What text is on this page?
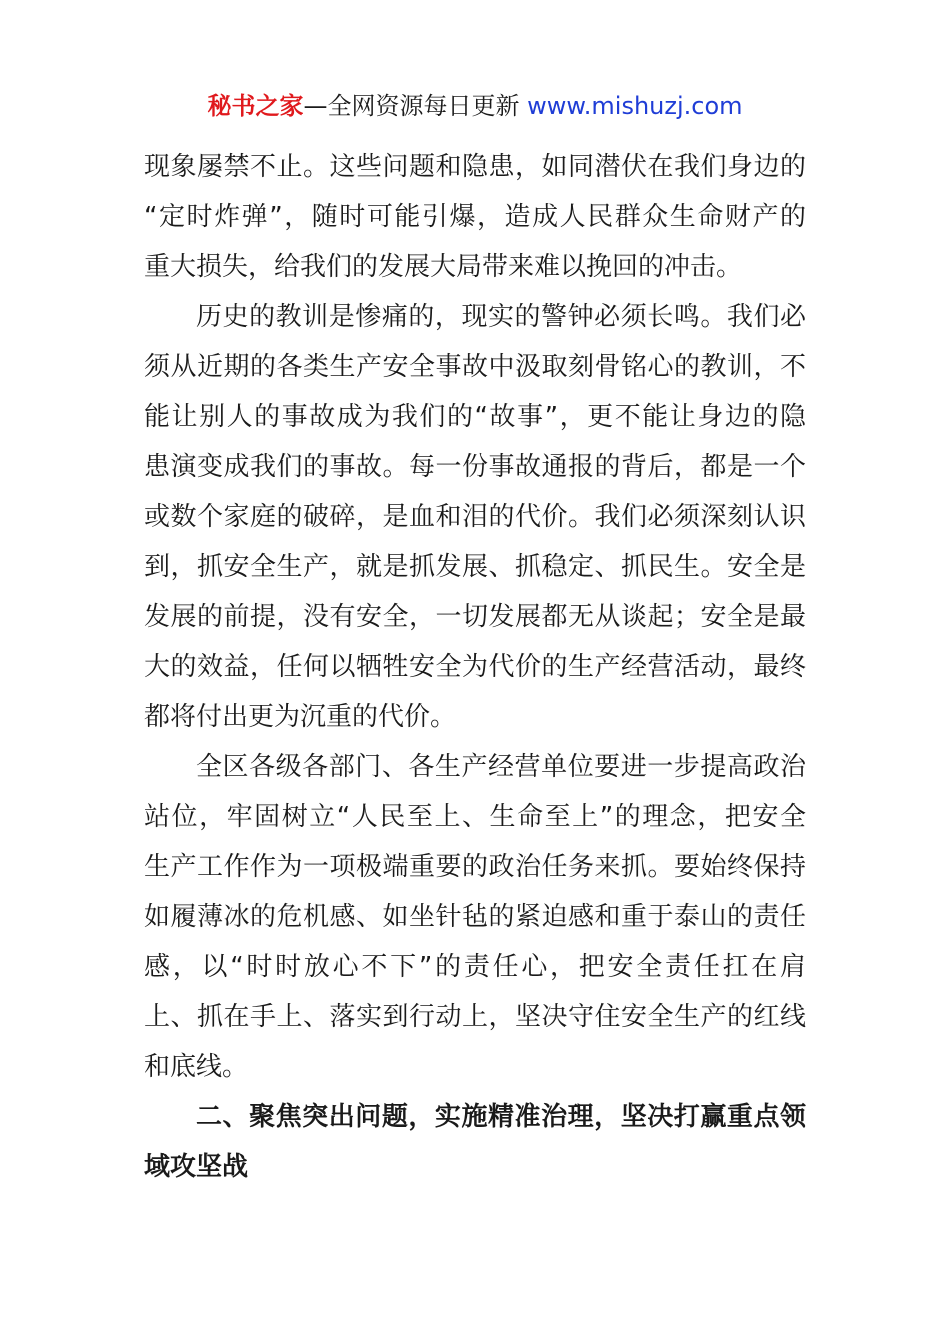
秘书之家—全网资源每日更新 www.mishuzj.com
现象屡禁不止。这些问题和隐患，如同潜伏在我们身边的
“定时炸弹”，随时可能引爆，造成人民群众生命财产的
重大损失，给我们的发展大局带来难以挽回的冲击。
历史的教训是惨痛的，现实的警钟必须长鸣。我们必
须从近期的各类生产安全事故中汲取刻骨铭心的教训，不
能让别人的事故成为我们的“故事”，更不能让身边的隐
患演变成我们的事故。每一份事故通报的背后，都是一个
或数个家庭的破碎，是血和泪的代价。我们必须深刻认识
到，抓安全生产，就是抓发展、抓稳定、抓民生。安全是
发展的前提，没有安全，一切发展都无从谈起；安全是最
大的效益，任何以牺牲安全为代价的生产经营活动，最终
都将付出更为沉重的代价。
全区各级各部门、各生产经营单位要进一步提高政治
站位，牢固树立“人民至上、生命至上”的理念，把安全
生产工作作为一项极端重要的政治任务来抓。要始终保持
如履薄冰的危机感、如坐针毡的紧迫感和重于泰山的责任
感，以“时时放心不下”的责任心，把安全责任扛在肩
上、抓在手上、落实到行动上，坚决守住安全生产的红线
和底线。
二、聚焦突出问题，实施精准治理，坚决打赢重点领
域攻坚战
